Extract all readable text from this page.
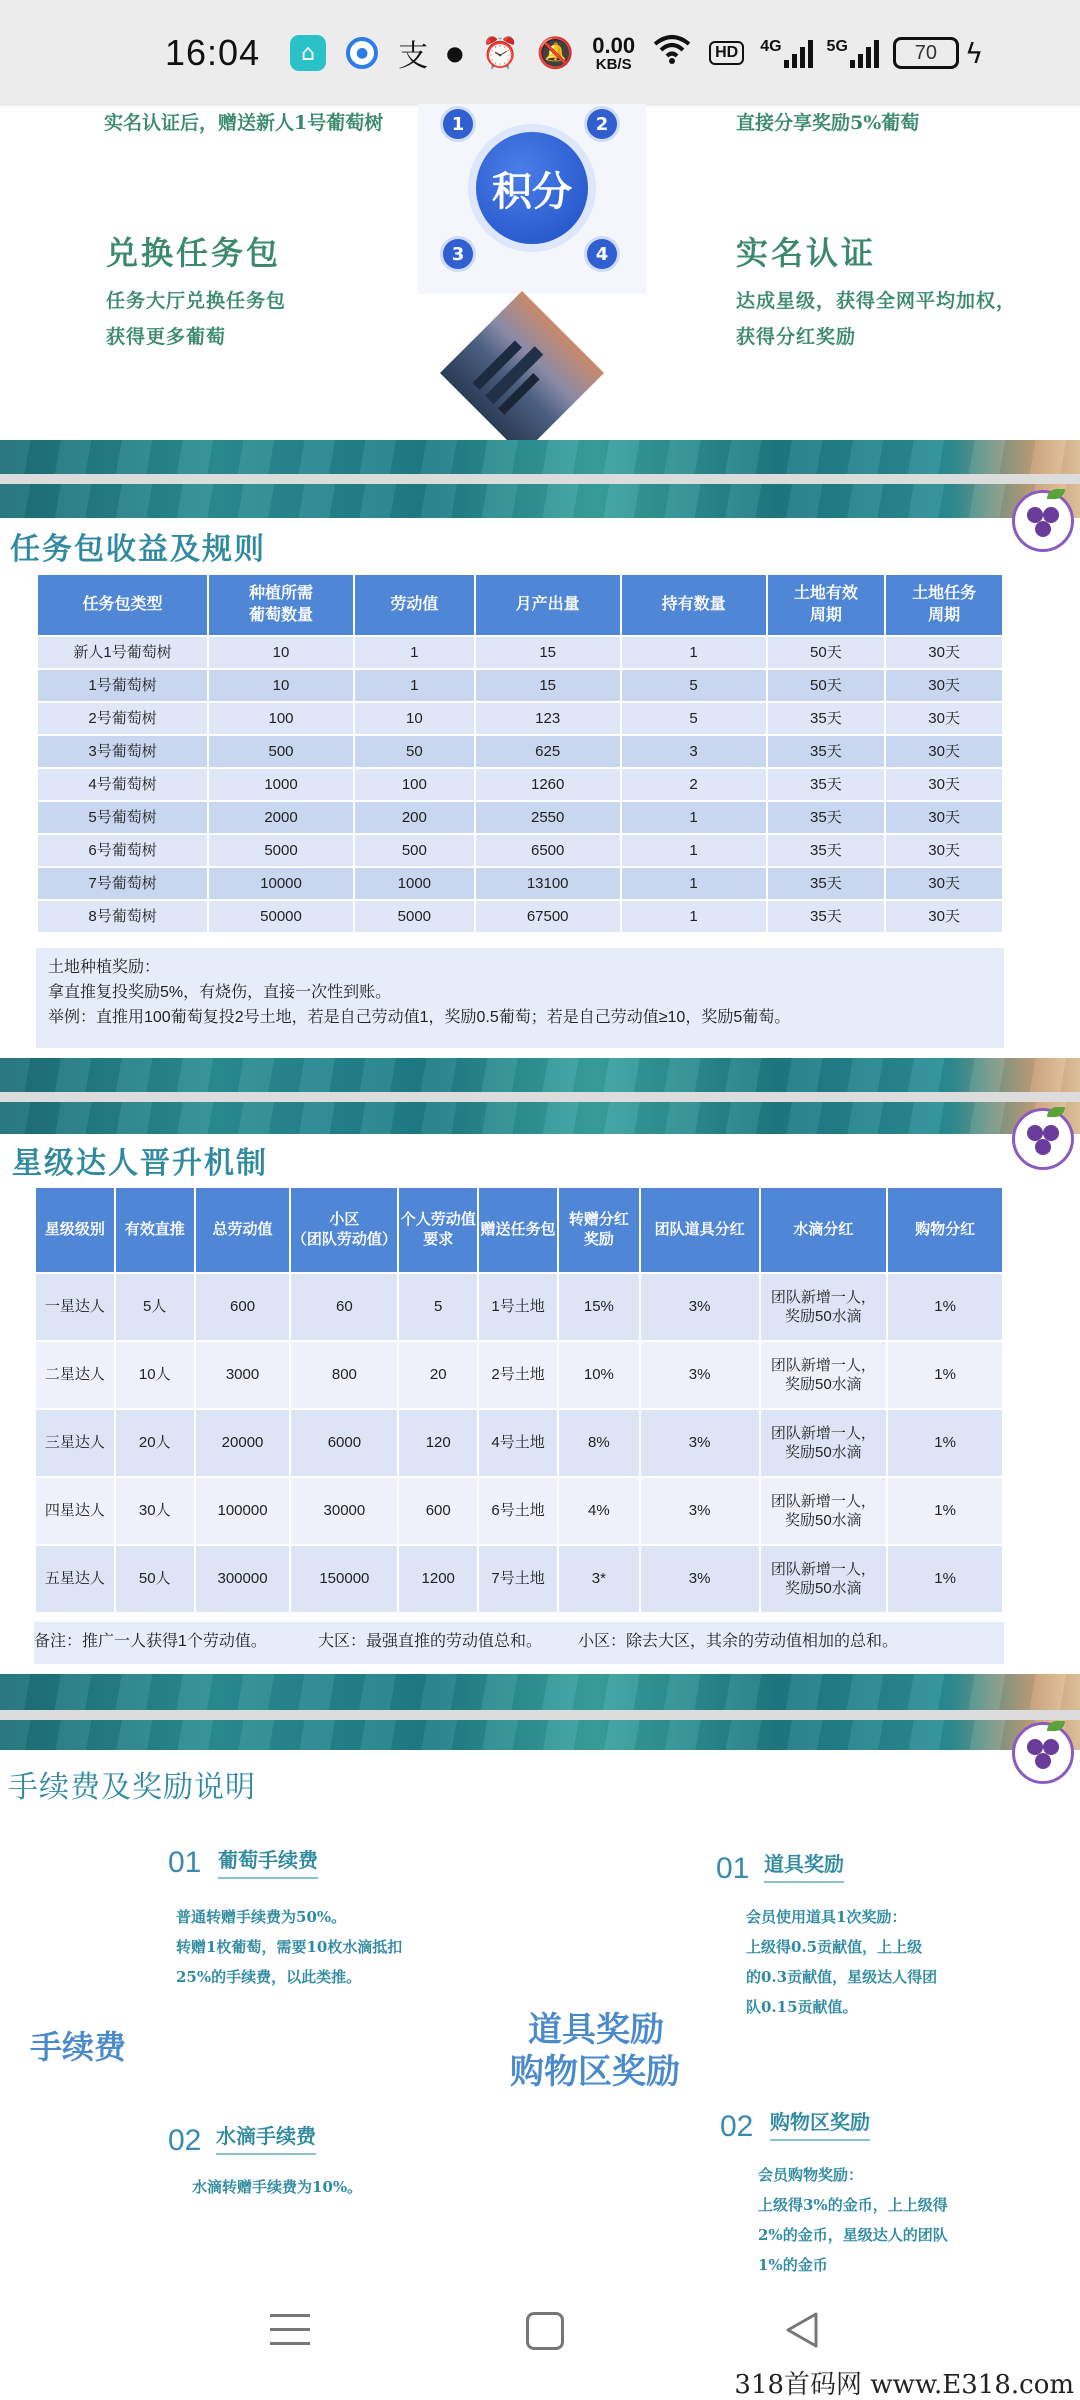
16:04	⌂	● 支 ● ⏰ 🔕 0.00
KB/S
HD	4G	5G	70 ϟ
实名认证后，赠送新人1号葡萄树	直接分享奖励5%葡萄
兑换任务包
任务大厅兑换任务包
获得更多葡萄
实名认证
达成星级，获得全网平均加权，
获得分红奖励
积分
1	2
3	4
任务包收益及规则
任务包类型	种植所需
葡萄数量	劳动值	月产出量	持有数量	土地有效
周期	土地任务
周期
新人1号葡萄树	10	1	15	1	50天	30天
1号葡萄树	10	1	15	5	50天	30天
2号葡萄树	100	10	123	5	35天	30天
3号葡萄树	500	50	625	3	35天	30天
4号葡萄树	1000	100	1260	2	35天	30天
5号葡萄树	2000	200	2550	1	35天	30天
6号葡萄树	5000	500	6500	1	35天	30天
7号葡萄树	10000	1000	13100	1	35天	30天
8号葡萄树	50000	5000	67500	1	35天	30天
土地种植奖励：
拿直推复投奖励5%，有烧伤，直接一次性到账。
举例：直推用100葡萄复投2号土地，若是自己劳动值1，奖励0.5葡萄；若是自己劳动值≥10，奖励5葡萄。
星级达人晋升机制
星级级别	有效直推	总劳动值	小区
（团队劳动值）	个人劳动值
要求	赠送任务包	转赠分红
奖励	团队道具分红	水滴分红	购物分红
一星达人	5人	600	60	5	1号土地	15%	3%	团队新增一人，
奖励50水滴	1%
二星达人	10人	3000	800	20	2号土地	10%	3%	团队新增一人，
奖励50水滴	1%
三星达人	20人	20000	6000	120	4号土地	8%	3%	团队新增一人，
奖励50水滴	1%
四星达人	30人	100000	30000	600	6号土地	4%	3%	团队新增一人，
奖励50水滴	1%
五星达人	50人	300000	150000	1200	7号土地	3*	3%	团队新增一人，
奖励50水滴	1%
备注：推广一人获得1个劳动值。	大区：最强直推的劳动值总和。	小区：除去大区，其余的劳动值相加的总和。
手续费及奖励说明
手续费	道具奖励
购物区奖励
01 葡萄手续费
普通转赠手续费为50%。
转赠1枚葡萄，需要10枚水滴抵扣
25%的手续费，以此类推。
02 水滴手续费
水滴转赠手续费为10%。
01 道具奖励
会员使用道具1次奖励：
上级得0.5贡献值，上上级
的0.3贡献值，星级达人得团
队0.15贡献值。
02 购物区奖励
会员购物奖励：
上级得3%的金币，上上级得
2%的金币，星级达人的团队
1%的金币
318首码网 www.E318.com
